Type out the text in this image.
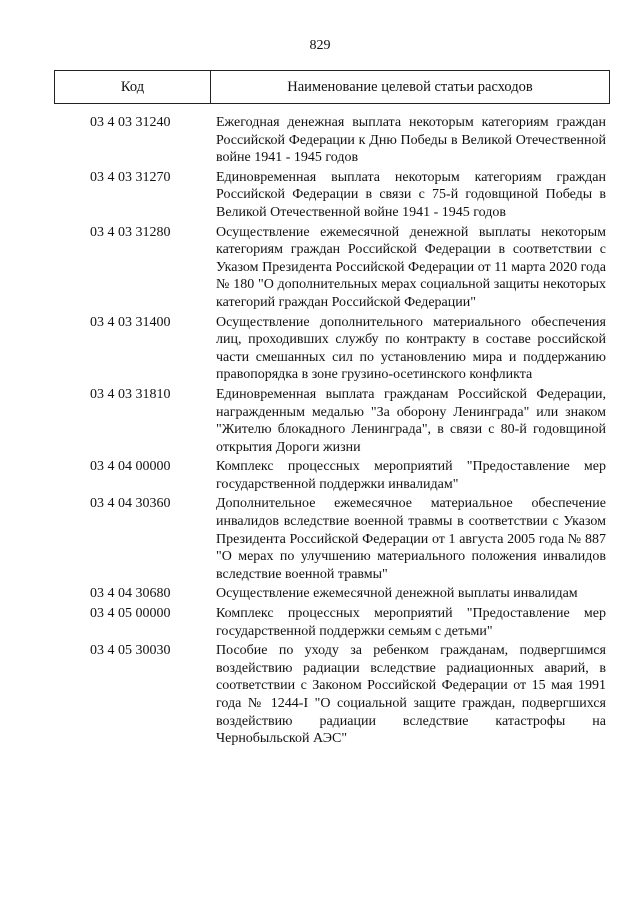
829
Код	Наименование целевой статьи расходов
03 4 03 31240	Ежегодная денежная выплата некоторым категориям граждан Российской Федерации к Дню Победы в Великой Отечественной войне 1941 - 1945 годов
03 4 03 31270	Единовременная выплата некоторым категориям граждан Российской Федерации в связи с 75-й годовщиной Победы в Великой Отечественной войне 1941 - 1945 годов
03 4 03 31280	Осуществление ежемесячной денежной выплаты некоторым категориям граждан Российской Федерации в соответствии с Указом Президента Российской Федерации от 11 марта 2020 года № 180 "О дополнительных мерах социальной защиты некоторых категорий граждан Российской Федерации"
03 4 03 31400	Осуществление дополнительного материального обеспечения лиц, проходивших службу по контракту в составе российской части смешанных сил по установлению мира и поддержанию правопорядка в зоне грузино-осетинского конфликта
03 4 03 31810	Единовременная выплата гражданам Российской Федерации, награжденным медалью "За оборону Ленинграда" или знаком "Жителю блокадного Ленинграда", в связи с 80-й годовщиной открытия Дороги жизни
03 4 04 00000	Комплекс процессных мероприятий "Предоставление мер государственной поддержки инвалидам"
03 4 04 30360	Дополнительное ежемесячное материальное обеспечение инвалидов вследствие военной травмы в соответствии с Указом Президента Российской Федерации от 1 августа 2005 года № 887 "О мерах по улучшению материального положения инвалидов вследствие военной травмы"
03 4 04 30680	Осуществление ежемесячной денежной выплаты инвалидам
03 4 05 00000	Комплекс процессных мероприятий "Предоставление мер государственной поддержки семьям с детьми"
03 4 05 30030	Пособие по уходу за ребенком гражданам, подвергшимся воздействию радиации вследствие радиационных аварий, в соответствии с Законом Российской Федерации от 15 мая 1991 года № 1244-I "О социальной защите граждан, подвергшихся воздействию радиации вследствие катастрофы на Чернобыльской АЭС"
